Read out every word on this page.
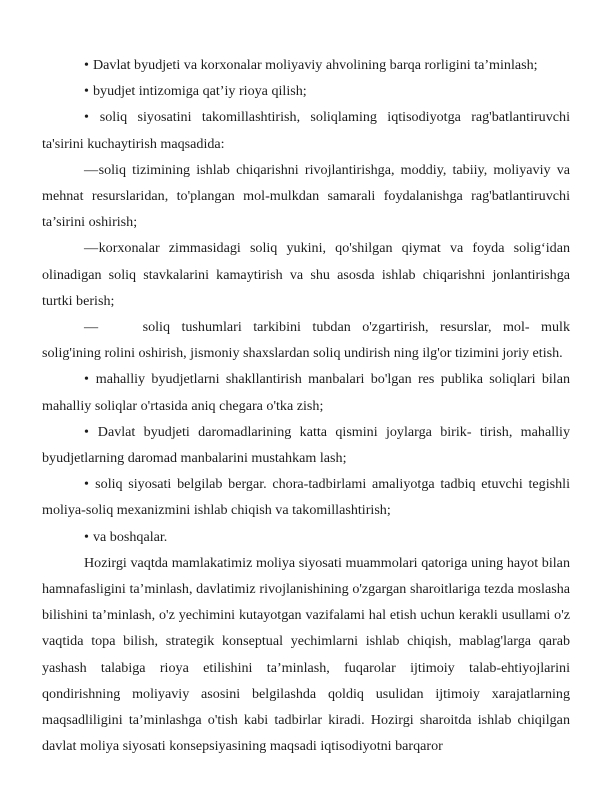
• Davlat byudjeti va korxonalar moliyaviy ahvolining barqa rorligini ta’minlash;

• byudjet intizomiga qat’iy rioya qilish;

• soliq siyosatini takomillashtirish, soliqlaming iqtisodiyotga rag'batlantiruvchi ta'sirini kuchaytirish maqsadida:

—soliq tizimining ishlab chiqarishni rivojlantirishga, moddiy, tabiiy, moliyaviy va mehnat resurslaridan, to'plangan mol-mulkdan samarali foydalanishga rag'batlantiruvchi ta’sirini oshirish;

—korxonalar zimmasidagi soliq yukini, qo'shilgan qiymat va foyda solig‘idan olinadigan soliq stavkalarini kamaytirish va shu asosda ishlab chiqarishni jonlantirishga turtki berish;

—	soliq tushumlari tarkibini tubdan o'zgartirish, resurslar, mol- mulk solig'ining rolini oshirish, jismoniy shaxslardan soliq undirish ning ilg'or tizimini joriy etish.

• mahalliy byudjetlarni shakllantirish manbalari bo'lgan res publika soliqlari bilan mahalliy soliqlar o'rtasida aniq chegara o'tka zish;

• Davlat byudjeti daromadlarining katta qismini joylarga birik- tirish, mahalliy byudjetlarning daromad manbalarini mustahkam lash;

• soliq siyosati belgilab bergar. chora-tadbirlami amaliyotga tadbiq etuvchi tegishli moliya-soliq mexanizmini ishlab chiqish va takomillashtirish;

• va boshqalar.

Hozirgi vaqtda mamlakatimiz moliya siyosati muammolari qatoriga uning hayot bilan hamnafasligini ta’minlash, davlatimiz rivojlanishining o'zgargan sharoitlariga tezda moslasha bilishini ta’minlash, o'z yechimini kutayotgan vazifalami hal etish uchun kerakli usullami o'z vaqtida topa bilish, strategik konseptual yechimlarni ishlab chiqish, mablag'larga qarab yashash talabiga rioya etilishini ta’minlash, fuqarolar ijtimoiy talab-ehtiyojlarini qondirishning moliyaviy asosini belgilashda qoldiq usulidan ijtimoiy xarajatlarning maqsadliligini ta’minlashga o'tish kabi tadbirlar kiradi. Hozirgi sharoitda ishlab chiqilgan davlat moliya siyosati konsepsiyasining maqsadi iqtisodiyotni barqaror
